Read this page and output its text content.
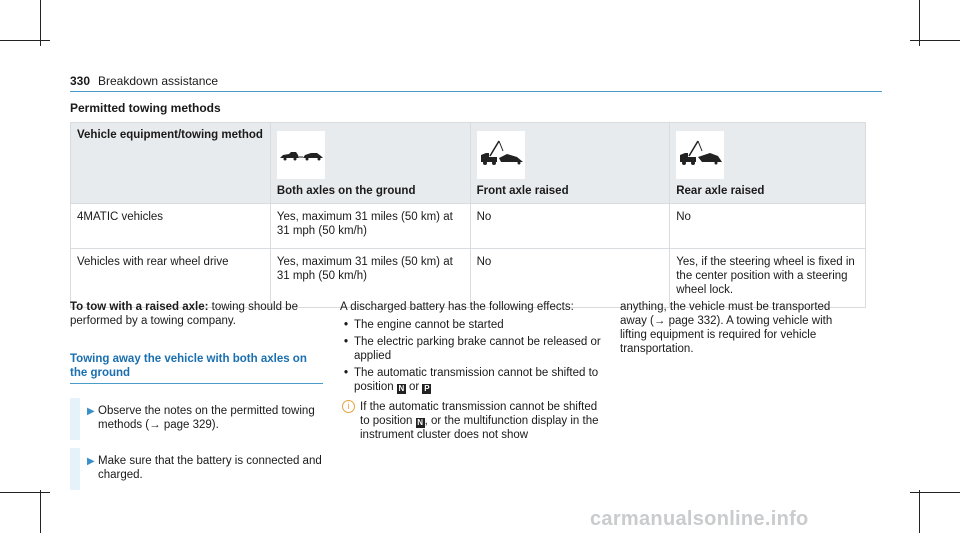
330 Breakdown assistance
Permitted towing methods
Vehicle equipment/towing method	Both axles on the ground	Front axle raised	Rear axle raised

4MATIC vehicles	Yes, maximum 31 miles (50 km) at 31 mph (50 km/h)	No	No
Vehicles with rear wheel drive	Yes, maximum 31 miles (50 km) at 31 mph (50 km/h)	No	Yes, if the steering wheel is fixed in the center position with a steering wheel lock.

To tow with a raised axle: towing should be performed by a towing company.

Towing away the vehicle with both axles on the ground
▶ Observe the notes on the permitted towing methods (→ page 329).
▶ Make sure that the battery is connected and charged.

A discharged battery has the following effects:

• The engine cannot be started
• The electric parking brake cannot be released or applied
• The automatic transmission cannot be shifted to position N or P
i If the automatic transmission cannot be shifted to position N , or the multifunction display in the instrument cluster does not show

anything, the vehicle must be transported away (→ page 332). A towing vehicle with lifting equipment is required for vehicle transportation.

carmanualsonline.info
